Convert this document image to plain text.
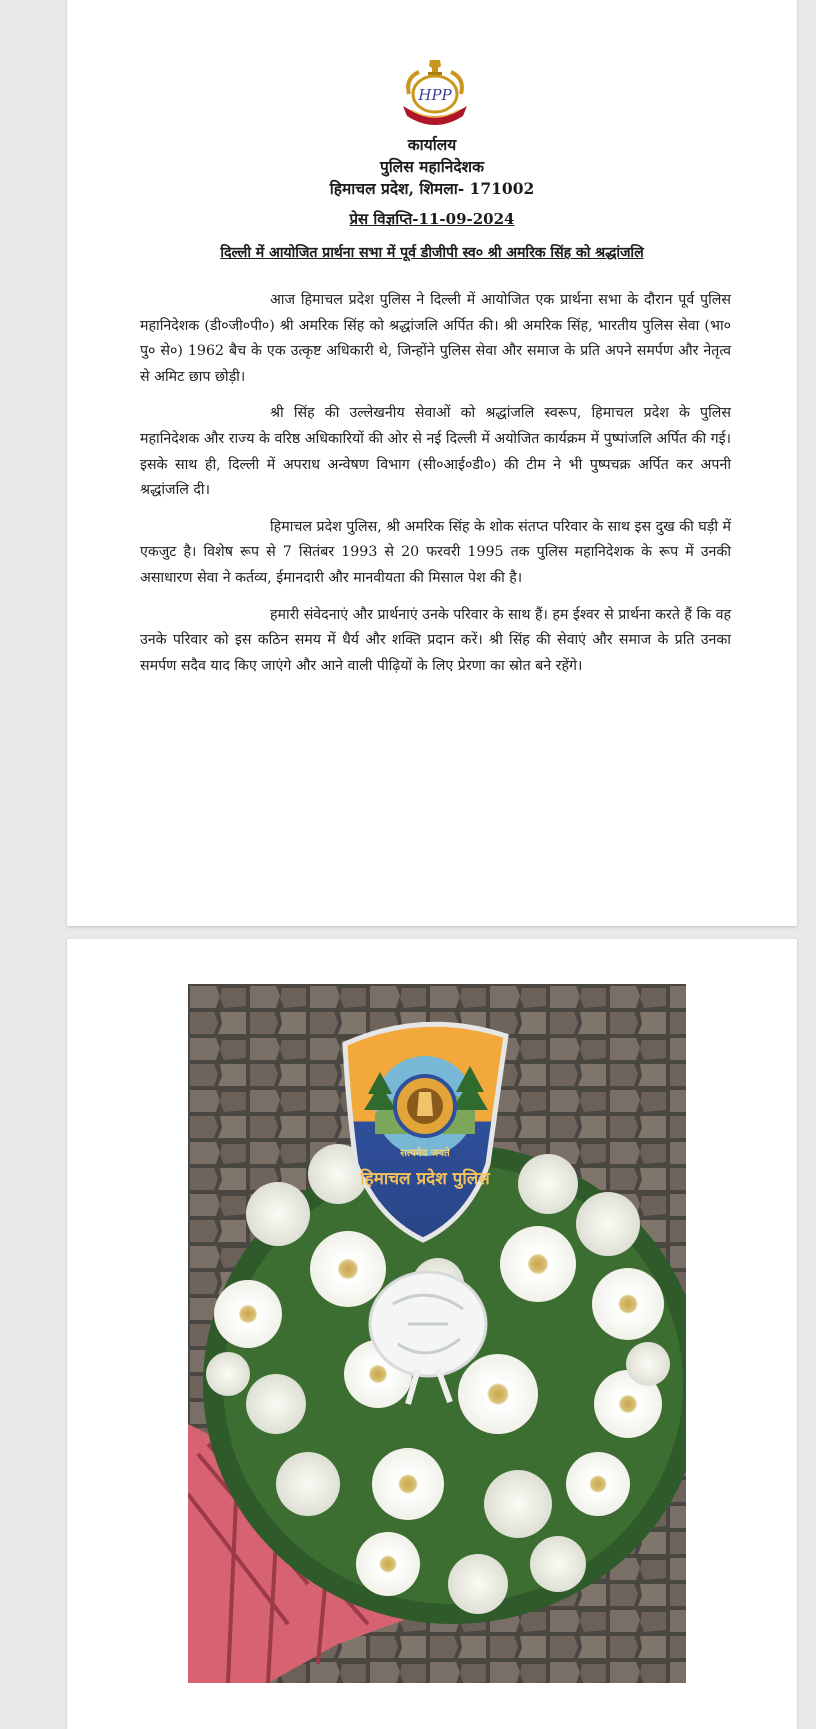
HPP
कार्यालय
पुलिस महानिदेशक
हिमाचल प्रदेश, शिमला- 171002
प्रेस विज्ञप्ति-11-09-2024
दिल्ली में आयोजित प्रार्थना सभा में पूर्व डीजीपी स्व० श्री अमरिक सिंह को श्रद्धांजलि

आज हिमाचल प्रदेश पुलिस ने दिल्ली में आयोजित एक प्रार्थना सभा के दौरान पूर्व पुलिस महानिदेशक (डी०जी०पी०) श्री अमरिक सिंह को श्रद्धांजलि अर्पित की। श्री अमरिक सिंह, भारतीय पुलिस सेवा (भा० पु० से०) 1962 बैच के एक उत्कृष्ट अधिकारी थे, जिन्होंने पुलिस सेवा और समाज के प्रति अपने समर्पण और नेतृत्व से अमिट छाप छोड़ी।

श्री सिंह की उल्लेखनीय सेवाओं को श्रद्धांजलि स्वरूप, हिमाचल प्रदेश के पुलिस महानिदेशक और राज्य के वरिष्ठ अधिकारियों की ओर से नई दिल्ली में अयोजित कार्यक्रम में पुष्पांजलि अर्पित की गई। इसके साथ ही, दिल्ली में अपराध अन्वेषण विभाग (सी०आई०डी०) की टीम ने भी पुष्पचक्र अर्पित कर अपनी श्रद्धांजलि दी।

हिमाचल प्रदेश पुलिस, श्री अमरिक सिंह के शोक संतप्त परिवार के साथ इस दुख की घड़ी में एकजुट है। विशेष रूप से 7 सितंबर 1993 से 20 फरवरी 1995 तक पुलिस महानिदेशक के रूप में उनकी असाधारण सेवा ने कर्तव्य, ईमानदारी और मानवीयता की मिसाल पेश की है।

हमारी संवेदनाएं और प्रार्थनाएं उनके परिवार के साथ हैं। हम ईश्वर से प्रार्थना करते हैं कि वह उनके परिवार को इस कठिन समय में धैर्य और शक्ति प्रदान करें। श्री सिंह की सेवाएं और समाज के प्रति उनका समर्पण सदैव याद किए जाएंगे और आने वाली पीढ़ियों के लिए प्रेरणा का स्रोत बने रहेंगे।

सत्यमेव जयते
हिमाचल प्रदेश पुलिस
